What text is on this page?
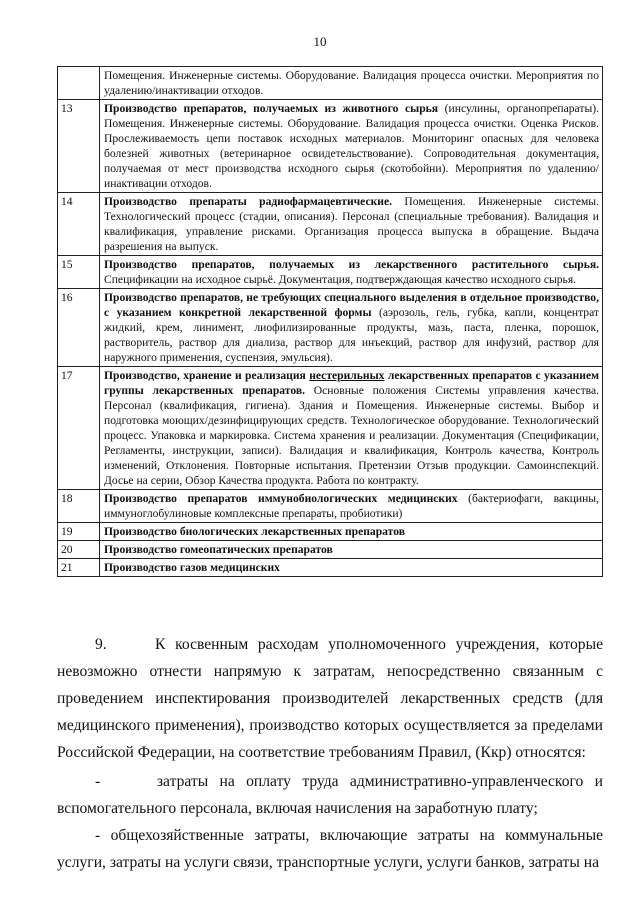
10
	Помещения. Инженерные системы. Оборудование. Валидация процесса очистки. Мероприятия по удалению/инактивации отходов.
13	Производство препаратов, получаемых из животного сырья (инсулины, органопрепараты). Помещения. Инженерные системы. Оборудование. Валидация процесса очистки. Оценка Рисков. Прослеживаемость цепи поставок исходных материалов. Мониторинг опасных для человека болезней животных (ветеринарное освидетельствование). Сопроводительная документация, получаемая от мест производства исходного сырья (скотобойни). Мероприятия по удалению/инактивации отходов.
14	Производство препараты радиофармацевтические. Помещения. Инженерные системы. Технологический процесс (стадии, описания). Персонал (специальные требования). Валидация и квалификация, управление рисками. Организация процесса выпуска в обращение. Выдача разрешения на выпуск.
15	Производство препаратов, получаемых из лекарственного растительного сырья. Спецификации на исходное сырьё. Документация, подтверждающая качество исходного сырья.
16	Производство препаратов, не требующих специального выделения в отдельное производство, с указанием конкретной лекарственной формы (аэрозоль, гель, губка, капли, концентрат жидкий, крем, линимент, лиофилизированные продукты, мазь, паста, пленка, порошок, растворитель, раствор для диализа, раствор для инъекций, раствор для инфузий, раствор для наружного применения, суспензия, эмульсия).
17	Производство, хранение и реализация нестерильных лекарственных препаратов с указанием группы лекарственных препаратов. Основные положения Системы управления качества. Персонал (квалификация, гигиена). Здания и Помещения. Инженерные системы. Выбор и подготовка моющих/дезинфицирующих средств. Технологическое оборудование. Технологический процесс. Упаковка и маркировка. Система хранения и реализации. Документация (Спецификации, Регламенты, инструкции, записи). Валидация и квалификация, Контроль качества, Контроль изменений, Отклонения. Повторные испытания. Претензии Отзыв продукции. Самоинспекций. Досье на серии, Обзор Качества продукта. Работа по контракту.
18	Производство препаратов иммунобиологических медицинских (бактериофаги, вакцины, иммуноглобулиновые комплексные препараты, пробиотики)
19	Производство биологических лекарственных препаратов
20	Производство гомеопатических препаратов
21	Производство газов медицинских

9.     К косвенным расходам уполномоченного учреждения, которые невозможно отнести напрямую к затратам, непосредственно связанным с проведением инспектирования производителей лекарственных средств (для медицинского применения), производство которых осуществляется за пределами Российской Федерации, на соответствие требованиям Правил, (Ккр) относятся:

-     затраты на оплату труда административно-управленческого и вспомогательного персонала, включая начисления на заработную плату;

- общехозяйственные затраты, включающие затраты на коммунальные услуги, затраты на услуги связи, транспортные услуги, услуги банков, затраты на
